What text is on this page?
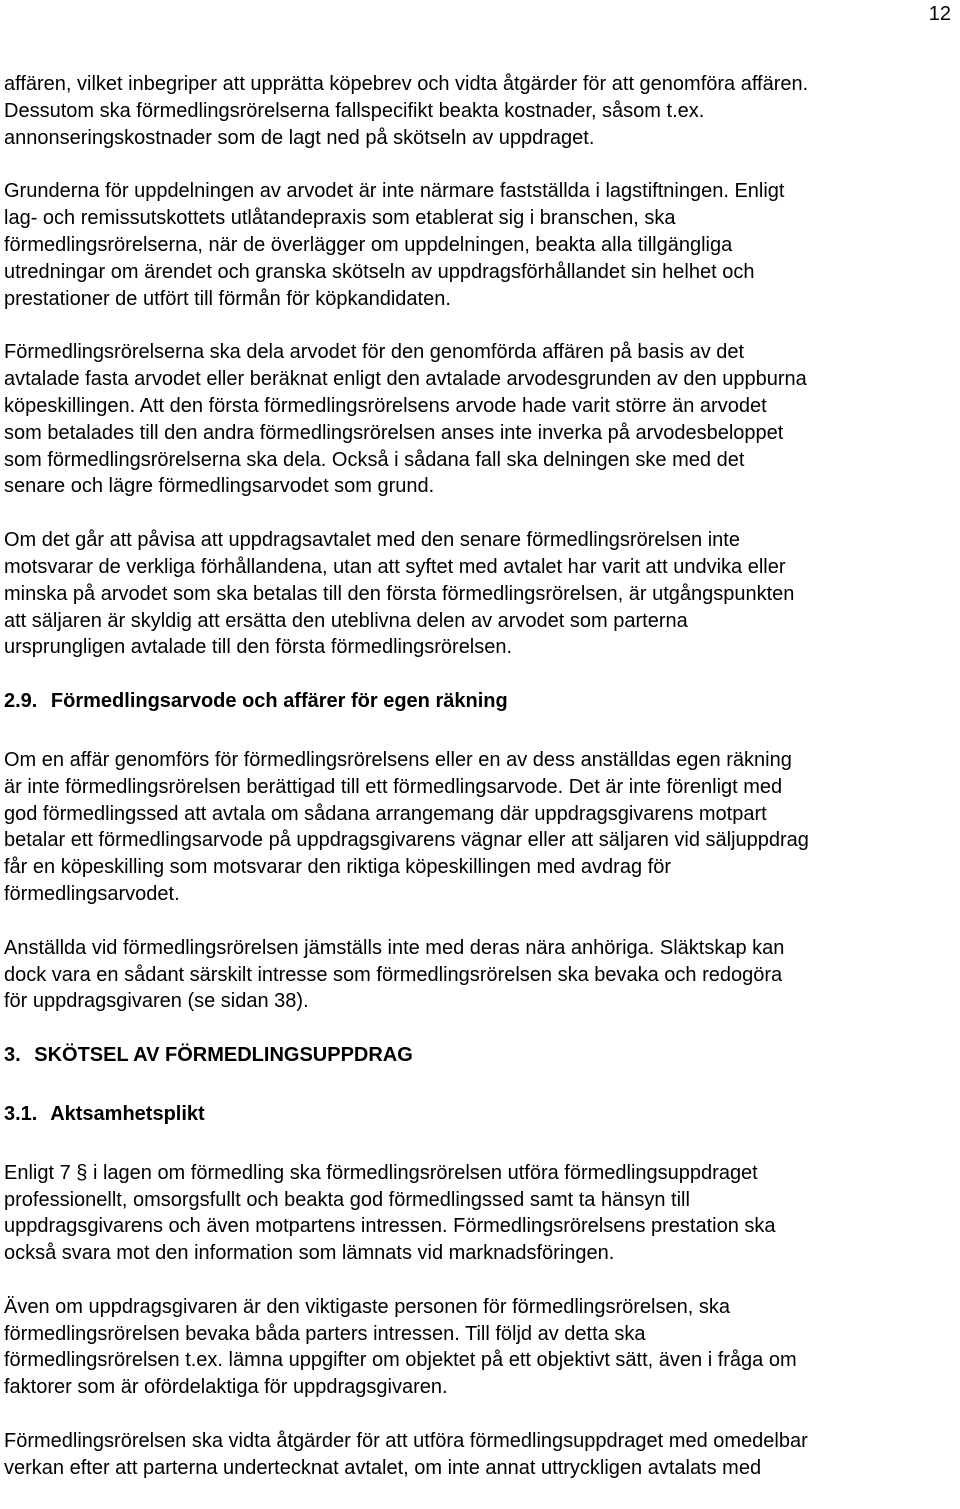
12

affären, vilket inbegriper att upprätta köpebrev och vidta åtgärder för att genomföra affären.
Dessutom ska förmedlingsrörelserna fallspecifikt beakta kostnader, såsom t.ex.
annonseringskostnader som de lagt ned på skötseln av uppdraget.

Grunderna för uppdelningen av arvodet är inte närmare fastställda i lagstiftningen. Enligt
lag- och remissutskottets utlåtandepraxis som etablerat sig i branschen, ska
förmedlingsrörelserna, när de överlägger om uppdelningen, beakta alla tillgängliga
utredningar om ärendet och granska skötseln av uppdragsförhållandet sin helhet och
prestationer de utfört till förmån för köpkandidaten.

Förmedlingsrörelserna ska dela arvodet för den genomförda affären på basis av det
avtalade fasta arvodet eller beräknat enligt den avtalade arvodesgrunden av den uppburna
köpeskillingen. Att den första förmedlingsrörelsens arvode hade varit större än arvodet
som betalades till den andra förmedlingsrörelsen anses inte inverka på arvodesbeloppet
som förmedlingsrörelserna ska dela. Också i sådana fall ska delningen ske med det
senare och lägre förmedlingsarvodet som grund.

Om det går att påvisa att uppdragsavtalet med den senare förmedlingsrörelsen inte
motsvarar de verkliga förhållandena, utan att syftet med avtalet har varit att undvika eller
minska på arvodet som ska betalas till den första förmedlingsrörelsen, är utgångspunkten
att säljaren är skyldig att ersätta den uteblivna delen av arvodet som parterna
ursprungligen avtalade till den första förmedlingsrörelsen.

2.9. Förmedlingsarvode och affärer för egen räkning

Om en affär genomförs för förmedlingsrörelsens eller en av dess anställdas egen räkning
är inte förmedlingsrörelsen berättigad till ett förmedlingsarvode. Det är inte förenligt med
god förmedlingssed att avtala om sådana arrangemang där uppdragsgivarens motpart
betalar ett förmedlingsarvode på uppdragsgivarens vägnar eller att säljaren vid säljuppdrag
får en köpeskilling som motsvarar den riktiga köpeskillingen med avdrag för
förmedlingsarvodet.

Anställda vid förmedlingsrörelsen jämställs inte med deras nära anhöriga. Släktskap kan
dock vara en sådant särskilt intresse som förmedlingsrörelsen ska bevaka och redogöra
för uppdragsgivaren (se sidan 38).

3. SKÖTSEL AV FÖRMEDLINGSUPPDRAG
3.1. Aktsamhetsplikt

Enligt 7 § i lagen om förmedling ska förmedlingsrörelsen utföra förmedlingsuppdraget
professionellt, omsorgsfullt och beakta god förmedlingssed samt ta hänsyn till
uppdragsgivarens och även motpartens intressen. Förmedlingsrörelsens prestation ska
också svara mot den information som lämnats vid marknadsföringen.

Även om uppdragsgivaren är den viktigaste personen för förmedlingsrörelsen, ska
förmedlingsrörelsen bevaka båda parters intressen. Till följd av detta ska
förmedlingsrörelsen t.ex. lämna uppgifter om objektet på ett objektivt sätt, även i fråga om
faktorer som är ofördelaktiga för uppdragsgivaren.

Förmedlingsrörelsen ska vidta åtgärder för att utföra förmedlingsuppdraget med omedelbar
verkan efter att parterna undertecknat avtalet, om inte annat uttryckligen avtalats med
